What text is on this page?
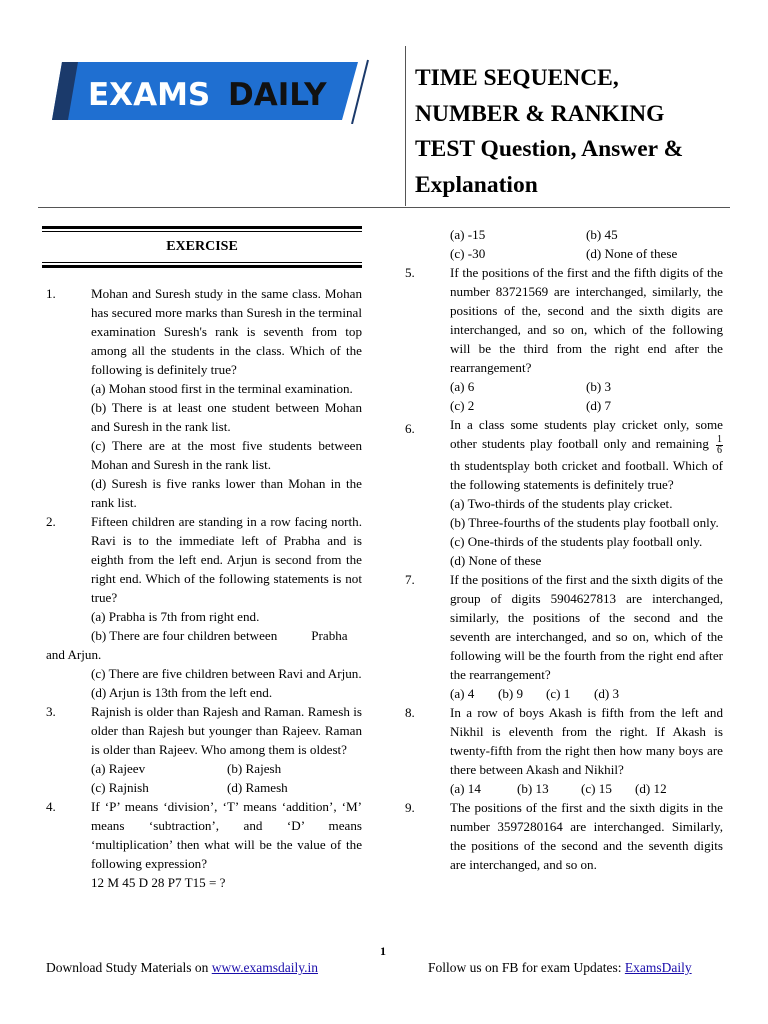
EXAMS DAILY	TIME SEQUENCE,
NUMBER & RANKING
TEST Question, Answer &
Explanation
EXERCISE
1.	Mohan and Suresh study in the same class. Mohan has secured more marks than Suresh in the terminal examination Suresh's rank is seventh from top among all the students in the class. Which of the following is definitely true?
(a) Mohan stood first in the terminal examination.
(b) There is at least one student between Mohan and Suresh in the rank list.
(c) There are at the most five students between Mohan and Suresh in the rank list.
(d) Suresh is five ranks lower than Mohan in the rank list.
2.	Fifteen children are standing in a row facing north. Ravi is to the immediate left of Prabha and is eighth from the left end. Arjun is second from the right end. Which of the following statements is not true?
(a) Prabha is 7th from right end.
(b) There are four children between	Prabha
and Arjun.
(c) There are five children between Ravi and Arjun.
(d) Arjun is 13th from the left end.
3.	Rajnish is older than Rajesh and Raman. Ramesh is older than Rajesh but younger than Rajeev. Raman is older than Rajeev. Who among them is oldest?
(a) Rajeev	(b) Rajesh
(c) Rajnish	(d) Ramesh
4.	If ‘P’ means ‘division’, ‘T’ means ‘addition’, ‘M’ means ‘subtraction’, and ‘D’ means ‘multiplication’ then what will be the value of the following expression?
12 M 45 D 28 P7 T15 = ?
(a) -15	(b) 45
(c) -30	(d) None of these
5.	If the positions of the first and the fifth digits of the number 83721569 are interchanged, similarly, the positions of the, second and the sixth digits are interchanged, and so on, which of the following will be the third from the right end after the rearrangement?
(a) 6	(b) 3
(c) 2	(d) 7
6.	In a class some students play cricket only, some other students play football only and remaining $\frac{1}{6}$
th studentsplay both cricket and football. Which of the following statements is definitely true?
(a) Two-thirds of the students play cricket.
(b) Three-fourths of the students play football only.
(c) One-thirds of the students play football only.
(d) None of these
7.	If the positions of the first and the sixth digits of the group of digits 5904627813 are interchanged, similarly, the positions of the second and the seventh are interchanged, and so on, which of the following will be the fourth from the right end after the rearrangement?
(a) 4	(b) 9	(c) 1	(d) 3
8.	In a row of boys Akash is fifth from the left and Nikhil is eleventh from the right. If Akash is twenty-fifth from the right then how many boys are there between Akash and Nikhil?
(a) 14	(b) 13	(c) 15	(d) 12
9.	The positions of the first and the sixth digits in the number 3597280164 are interchanged. Similarly, the positions of the second and the seventh digits are interchanged, and so on.
1
Download Study Materials on www.examsdaily.in	Follow us on FB for exam Updates: ExamsDaily
